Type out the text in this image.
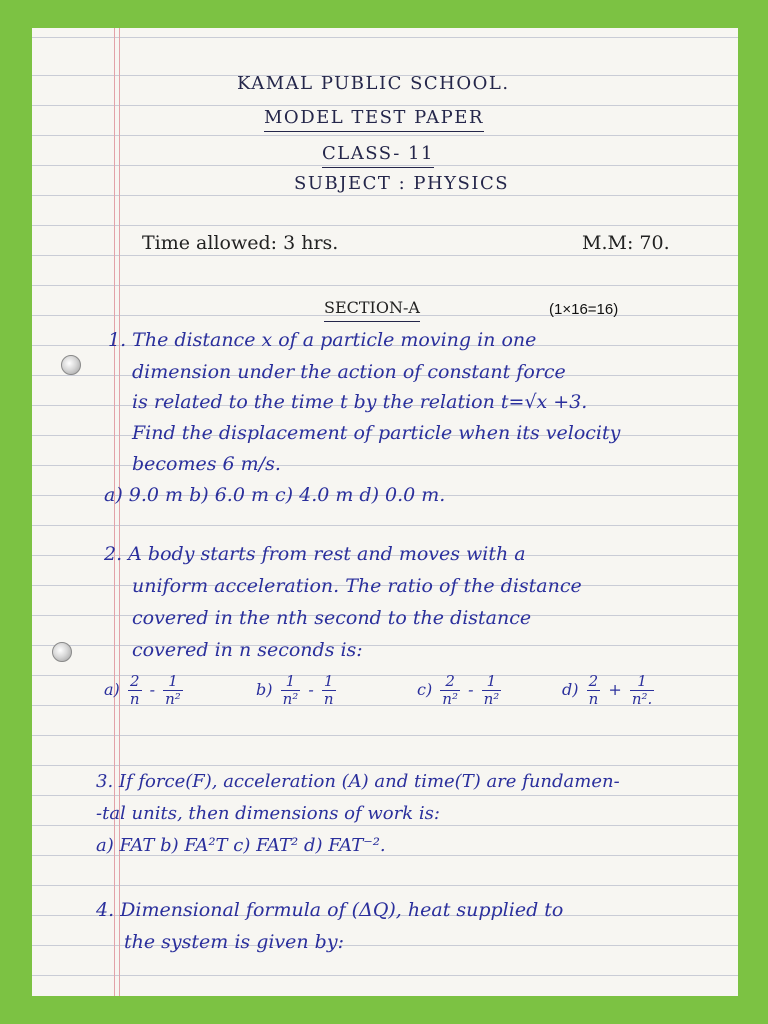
KAMAL PUBLIC SCHOOL.
MODEL TEST PAPER
CLASS- 11
SUBJECT : PHYSICS
Time allowed: 3 hrs.	M.M: 70.
SECTION-A	(1×16=16)
1. The distance x of a particle moving in one
dimension under the action of constant force
is related to the time t by the relation t=√x +3.
Find the displacement of particle when its velocity
becomes 6 m/s.
a) 9.0 m b) 6.0 m c) 4.0 m d) 0.0 m.
2. A body starts from rest and moves with a
uniform acceleration. The ratio of the distance
covered in the nth second to the distance
covered in n seconds is:
$a) \frac{2}{n} - \frac{1}{\text{n²}}$	$b) \frac{1}{\text{n²}} - \frac{1}{n}$	$c) \frac{2}{\text{n²}} - \frac{1}{\text{n²}}$	$d) \frac{2}{n} + \frac{1}{\text{n².}}$
3. If force(F), acceleration (A) and time(T) are fundamen-
-tal units, then dimensions of work is:
a) FAT b) FA²T c) FAT² d) FAT⁻².
4. Dimensional formula of (ΔQ), heat supplied to
the system is given by:
